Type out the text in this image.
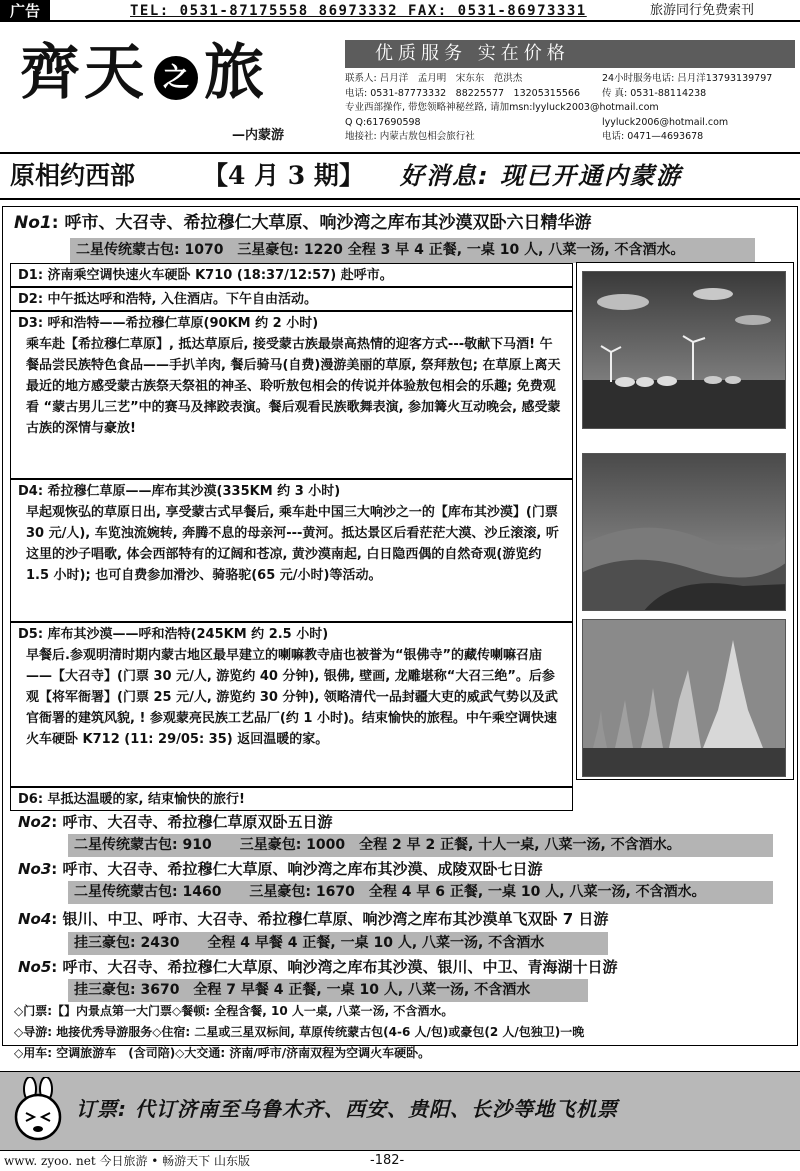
广告	TEL: 0531-87175558 86973332 FAX: 0531-86973331	旅游同行免费索刊
齊天 之 旅
—内蒙游
优质服务 实在价格
联系人: 吕月洋　孟月明　宋东东　范洪杰	24小时服务电话: 吕月洋13793139797
电话: 0531-87773332　88225577　13205315566 传 真: 0531-88114238
专业西部操作, 带您领略神秘丝路, 请加msn:lyyluck2003@hotmail.com
Q Q:617690598	lyyluck2006@hotmail.com
地接社: 内蒙古敖包相会旅行社	电话: 0471—4693678
原相约西部	【4 月 3 期】 好消息: 现已开通内蒙游
No1: 呼市、大召寺、希拉穆仁大草原、响沙湾之库布其沙漠双卧六日精华游
二星传统蒙古包: 1070　三星豪包: 1220 全程 3 早 4 正餐, 一桌 10 人, 八菜一汤, 不含酒水。
D1: 济南乘空调快速火车硬卧 K710 (18:37/12:57) 赴呼市。
D2: 中午抵达呼和浩特, 入住酒店。下午自由活动。
D3: 呼和浩特——希拉穆仁草原(90KM 约 2 小时)
乘车赴【希拉穆仁草原】, 抵达草原后, 接受蒙古族最崇高热情的迎客方式---敬献下马酒! 午餐品尝民族特色食品——手扒羊肉, 餐后骑马(自费)漫游美丽的草原, 祭拜敖包; 在草原上离天最近的地方感受蒙古族祭天祭祖的神圣、聆听敖包相会的传说并体验敖包相会的乐趣; 免费观看 “蒙古男儿三艺”中的赛马及摔跤表演。餐后观看民族歌舞表演, 参加篝火互动晚会, 感受蒙古族的深情与豪放!
D4: 希拉穆仁草原——库布其沙漠(335KM 约 3 小时)
早起观恢弘的草原日出, 享受蒙古式早餐后, 乘车赴中国三大响沙之一的【库布其沙漠】(门票 30 元/人), 车览浊流婉转, 奔腾不息的母亲河---黄河。抵达景区后看茫茫大漠、沙丘滚滚, 听这里的沙子唱歌, 体会西部特有的辽阔和苍凉, 黄沙漠南起, 白日隐西偶的自然奇观(游览约 1.5 小时); 也可自费参加滑沙、骑骆驼(65 元/小时)等活动。
D5: 库布其沙漠——呼和浩特(245KM 约 2.5 小时)
早餐后.参观明清时期内蒙古地区最早建立的喇嘛教寺庙也被誉为“银佛寺”的藏传喇嘛召庙——【大召寺】(门票 30 元/人, 游览约 40 分钟), 银佛, 壁画, 龙雕堪称“大召三绝”。后参观【将军衙署】(门票 25 元/人, 游览约 30 分钟), 领略清代一品封疆大吏的威武气势以及武官衙署的建筑风貌, ! 参观蒙亮民族工艺品厂(约 1 小时)。结束愉快的旅程。中午乘空调快速火车硬卧 K712 (11: 29/05: 35) 返回温暖的家。
D6: 早抵达温暖的家, 结束愉快的旅行!
No2: 呼市、大召寺、希拉穆仁草原双卧五日游
二星传统蒙古包: 910　　三星豪包: 1000　全程 2 早 2 正餐, 十人一桌, 八菜一汤, 不含酒水。
No3: 呼市、大召寺、希拉穆仁大草原、响沙湾之库布其沙漠、成陵双卧七日游
二星传统蒙古包: 1460　　三星豪包: 1670　全程 4 早 6 正餐, 一桌 10 人, 八菜一汤, 不含酒水。
No4: 银川、中卫、呼市、大召寺、希拉穆仁草原、响沙湾之库布其沙漠单飞双卧 7 日游
挂三豪包: 2430　　全程 4 早餐 4 正餐, 一桌 10 人, 八菜一汤, 不含酒水
No5: 呼市、大召寺、希拉穆仁大草原、响沙湾之库布其沙漠、银川、中卫、青海湖十日游
挂三豪包: 3670　全程 7 早餐 4 正餐, 一桌 10 人, 八菜一汤, 不含酒水
◇门票:【】内景点第一大门票◇餐顿: 全程含餐, 10 人一桌, 八菜一汤, 不含酒水。
◇导游: 地接优秀导游服务◇住宿: 二星或三星双标间, 草原传统蒙古包(4-6 人/包)或豪包(2 人/包独卫)一晚
◇用车: 空调旅游车　(含司陪)◇大交通: 济南/呼市/济南双程为空调火车硬卧。
订票: 代订济南至乌鲁木齐、西安、贵阳、长沙等地飞机票
www. zyoo. net 今日旅游 • 畅游天下 山东版	-182-
